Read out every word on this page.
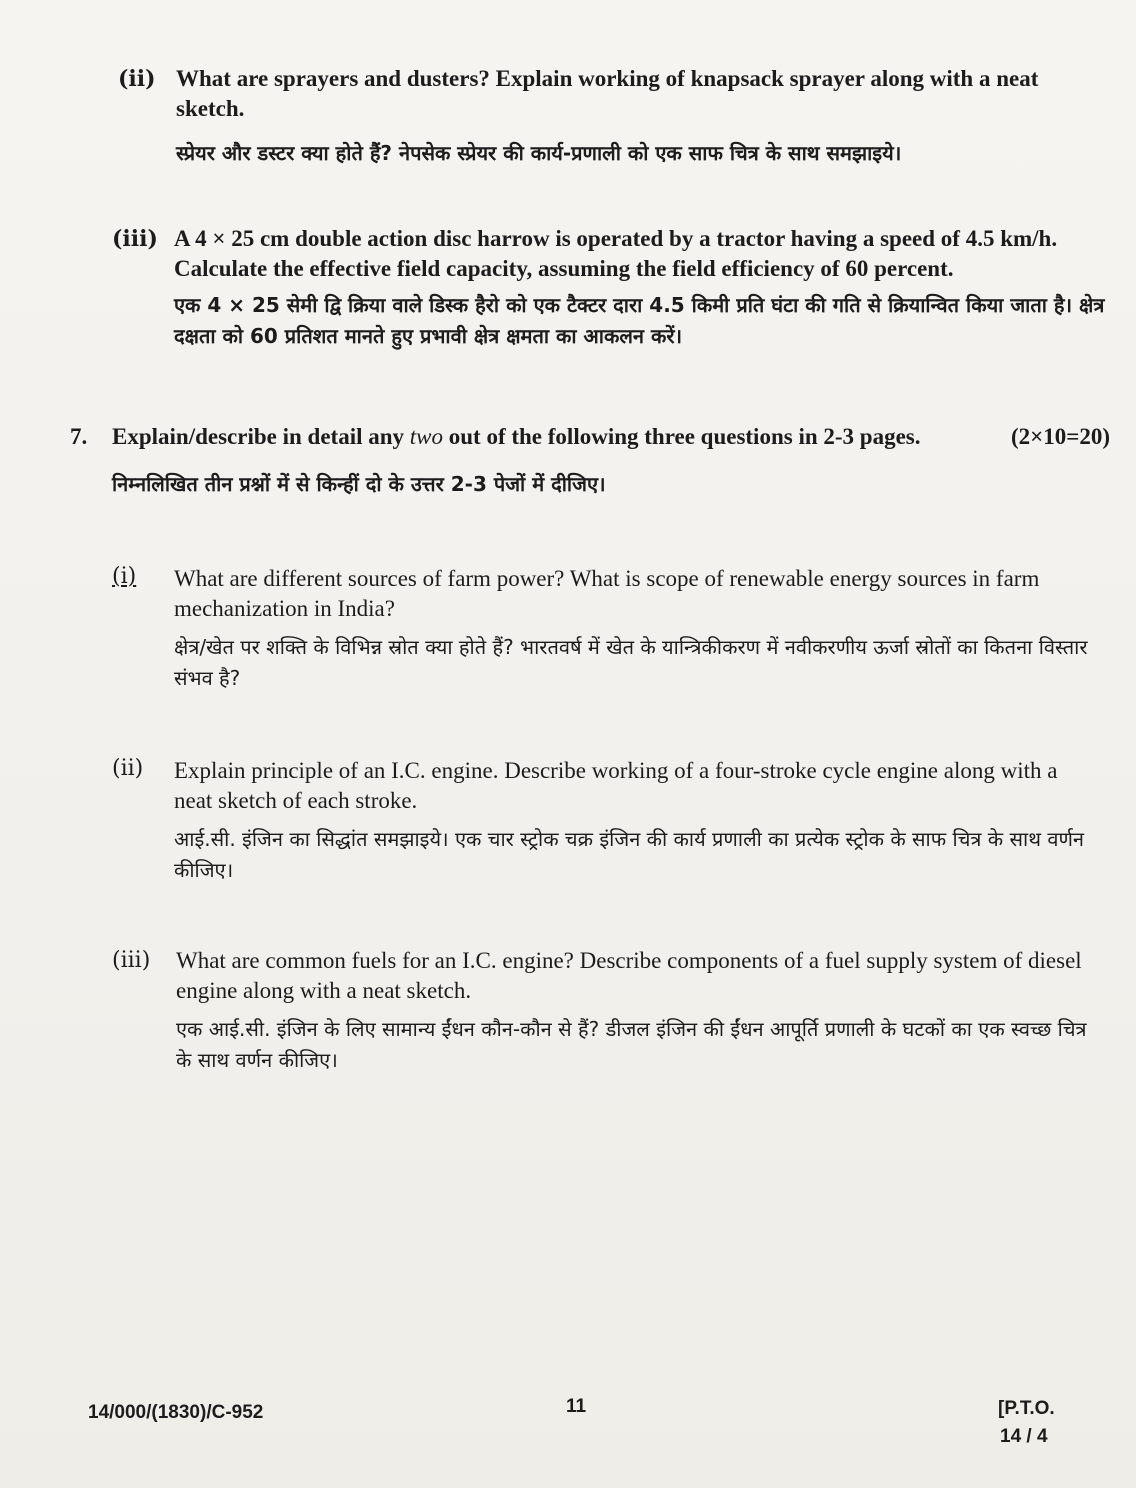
(ii) What are sprayers and dusters? Explain working of knapsack sprayer along with a neat sketch.

स्प्रेयर और डस्टर क्या होते हैं? नेपसेक स्प्रेयर की कार्य-प्रणाली को एक साफ चित्र के साथ समझाइये।

(iii) A 4 × 25 cm double action disc harrow is operated by a tractor having a speed of 4.5 km/h. Calculate the effective field capacity, assuming the field efficiency of 60 percent.

एक 4 × 25 सेमी द्वि क्रिया वाले डिस्क हैरो को एक टैक्टर दारा 4.5 किमी प्रति घंटा की गति से क्रियान्वित किया जाता है। क्षेत्र दक्षता को 60 प्रतिशत मानते हुए प्रभावी क्षेत्र क्षमता का आकलन करें।

7. Explain/describe in detail any two out of the following three questions in 2-3 pages.	(2×10=20)
निम्नलिखित तीन प्रश्नों में से किन्हीं दो के उत्तर 2-3 पेजों में दीजिए।
(i) What are different sources of farm power? What is scope of renewable energy sources in farm mechanization in India?

क्षेत्र/खेत पर शक्ति के विभिन्न स्रोत क्या होते हैं? भारतवर्ष में खेत के यान्त्रिकीकरण में नवीकरणीय ऊर्जा स्रोतों का कितना विस्तार संभव है?

(ii) Explain principle of an I.C. engine. Describe working of a four-stroke cycle engine along with a neat sketch of each stroke.

आई.सी. इंजिन का सिद्धांत समझाइये। एक चार स्ट्रोक चक्र इंजिन की कार्य प्रणाली का प्रत्येक स्ट्रोक के साफ चित्र के साथ वर्णन कीजिए।

(iii) What are common fuels for an I.C. engine? Describe components of a fuel supply system of diesel engine along with a neat sketch.

एक आई.सी. इंजिन के लिए सामान्य ईंधन कौन-कौन से हैं? डीजल इंजिन की ईंधन आपूर्ति प्रणाली के घटकों का एक स्वच्छ चित्र के साथ वर्णन कीजिए।

14/000/(1830)/C-952	11	[P.T.O.
14 / 4
